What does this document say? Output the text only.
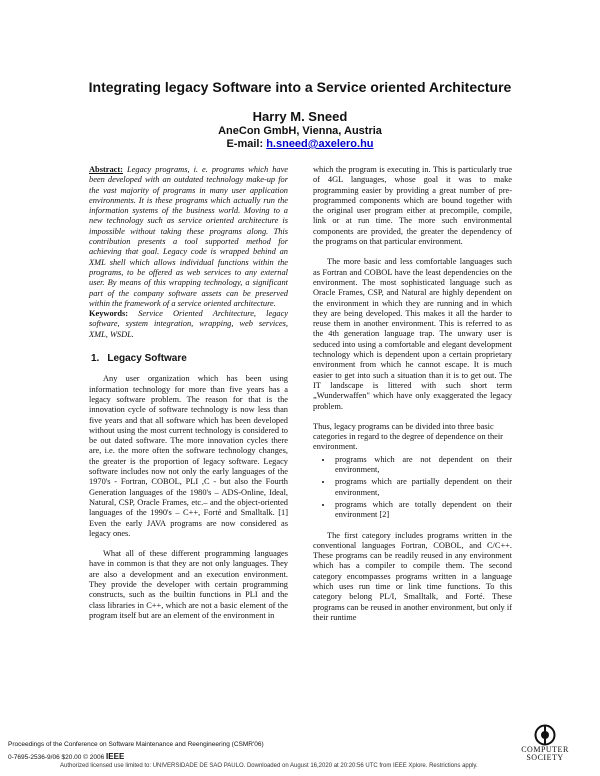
Integrating legacy Software into a Service oriented Architecture
Harry M. Sneed
AneCon GmbH, Vienna, Austria
E-mail: h.sneed@axelero.hu

Abstract: Legacy programs, i. e. programs which have been developed with an outdated technology make-up for the vast majority of programs in many user application environments. It is these programs which actually run the information systems of the business world. Moving to a new technology such as service oriented architecture is impossible without taking these programs along. This contribution presents a tool supported method for achieving that goal. Legacy code is wrapped behind an XML shell which allows individual functions within the programs, to be offered as web services to any external user. By means of this wrapping technology, a significant part of the company software assets can be preserved within the framework of a service oriented architecture.

Keywords: Service Oriented Architecture, legacy software, system integration, wrapping, web services, XML, WSDL.

1. Legacy Software

Any user organization which has been using information technology for more than five years has a legacy software problem. The reason for that is the innovation cycle of software technology is now less than five years and that all software which has been developed without using the most current technology is considered to be out dated software. The more innovation cycles there are, i.e. the more often the software technology changes, the greater is the proportion of legacy software. Legacy software includes now not only the early languages of the 1970's - Fortran, COBOL, PLI ,C - but also the Fourth Generation languages of the 1980's – ADS-Online, Ideal, Natural, CSP, Oracle Frames, etc.– and the object-oriented languages of the 1990's – C++, Forté and Smalltalk. [1] Even the early JAVA programs are now considered as legacy ones.

What all of these different programming languages have in common is that they are not only languages. They are also a development and an execution environment. They provide the developer with certain programming constructs, such as the builtin functions in PLI and the class libraries in C++, which are not a basic element of the program itself but are an element of the environment in

which the program is executing in. This is particularly true of 4GL languages, whose goal it was to make programming easier by providing a great number of pre-programmed components which are bound together with the original user program either at precompile, compile, link or at run time. The more such environmental components are provided, the greater the dependency of the programs on that particular environment.

The more basic and less comfortable languages such as Fortran and COBOL have the least dependencies on the environment. The most sophisticated language such as Oracle Frames, CSP, and Natural are highly dependent on the environment in which they are running and in which they are being developed. This makes it all the harder to reuse them in another environment. This is referred to as the 4th generation language trap. The unwary user is seduced into using a comfortable and elegant development technology which is dependent upon a certain proprietary environment from which he cannot escape. It is much easier to get into such a situation than it is to get out. The IT landscape is littered with such short term „Wunderwaffen" which have only exaggerated the legacy problem.

Thus, legacy programs can be divided into three basic categories in regard to the degree of dependence on their environment.

• programs which are not dependent on their environment,
• programs which are partially dependent on their environment,
• programs which are totally dependent on their environment [2]

The first category includes programs written in the conventional languages Fortran, COBOL, and C/C++. These programs can be readily reused in any environment which has a compiler to compile them. The second category encompasses programs written in a language which uses run time or link time functions. To this category belong PL/I, Smalltalk, and Forté. These programs can be reused in another environment, but only if their runtime

Proceedings of the Conference on Software Maintenance and Reengineering (CSMR'06)
0-7695-2536-9/06 $20.00 © 2006 IEEE
Authorized licensed use limited to: UNIVERSIDADE DE SAO PAULO. Downloaded on August 16,2020 at 20:20:56 UTC from IEEE Xplore. Restrictions apply.
COMPUTER
SOCIETY
